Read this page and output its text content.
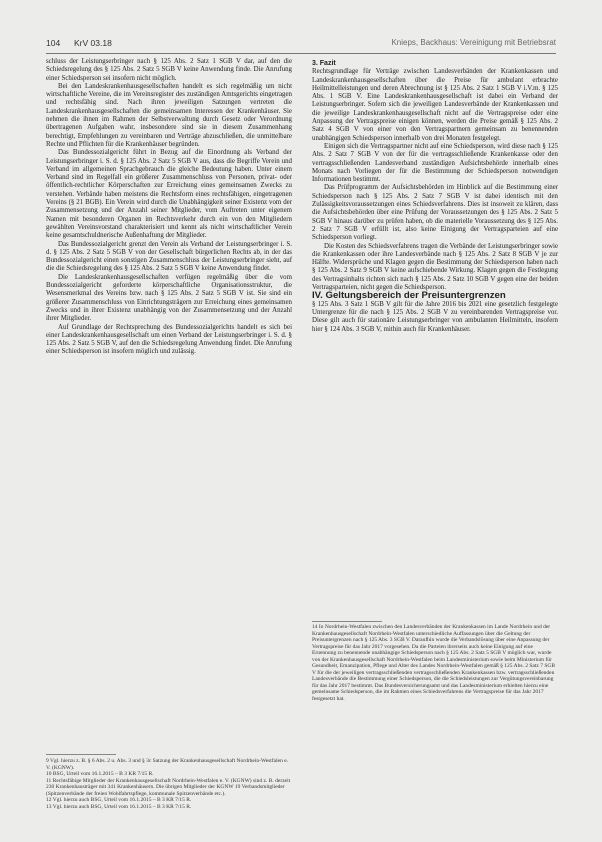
104 KrV 03.18	Knieps, Backhaus: Vereinigung mit Betriebsrat

schluss der Leistungserbringer nach § 125 Abs. 2 Satz 1 SGB V dar, auf den die Schiedsregelung des § 125 Abs. 2 Satz 5 SGB V keine Anwendung finde. Die Anrufung einer Schiedsperson sei insofern nicht möglich.

Bei den Landeskrankenhausgesellschaften handelt es sich regelmäßig um nicht wirtschaftliche Vereine, die im Vereinsregister des zuständigen Amtsgerichts eingetragen und rechtsfähig sind. Nach ihren jeweiligen Satzungen vertreten die Landeskrankenhausgesellschaften die gemeinsamen Interessen der Krankenhäuser. Sie nehmen die ihnen im Rahmen der Selbstverwaltung durch Gesetz oder Verordnung übertragenen Aufgaben wahr, insbesondere sind sie in diesem Zusammenhang berechtigt, Empfehlungen zu vereinbaren und Verträge abzuschließen, die unmittelbare Rechte und Pflichten für die Krankenhäuser begründen.

Das Bundessozialgericht führt in Bezug auf die Einordnung als Verband der Leistungserbringer i. S. d. § 125 Abs. 2 Satz 5 SGB V aus, dass die Begriffe Verein und Verband im allgemeinen Sprachgebrauch die gleiche Bedeutung haben. Unter einem Verband sind im Regelfall ein größerer Zusammenschluss von Personen, privat- oder öffentlich-rechtlicher Körperschaften zur Erreichung eines gemeinsamen Zwecks zu verstehen. Verbände haben meistens die Rechtsform eines rechtsfähigen, eingetragenen Vereins (§ 21 BGB). Ein Verein wird durch die Unabhängigkeit seiner Existenz vom der Zusammensetzung und der Anzahl seiner Mitglieder, vom Auftreten unter eigenem Namen mit besonderen Organen im Rechtsverkehr durch ein von den Mitgliedern gewählten Vereinsvorstand charakterisiert und kennt als nicht wirtschaftlicher Verein keine gesamtschuldnerische Außenhaftung der Mitglieder.

Das Bundessozialgericht grenzt den Verein als Verband der Leistungserbringer i. S. d. § 125 Abs. 2 Satz 5 SGB V von der Gesellschaft bürgerlichen Rechts ab, in der das Bundessozialgericht einen sonstigen Zusammenschluss der Leistungserbringer sieht, auf die die Schiedsregelung des § 125 Abs. 2 Satz 5 SGB V keine Anwendung findet.

Die Landeskrankenhausgesellschaften verfügen regelmäßig über die vom Bundessozialgericht geforderte körperschaftliche Organisationsstruktur, die Wesensmerkmal des Vereins bzw. nach § 125 Abs. 2 Satz 5 SGB V ist. Sie sind ein größerer Zusammenschluss von Einrichtungsträgern zur Erreichung eines gemeinsamen Zwecks und in ihrer Existenz unabhängig von der Zusammensetzung und der Anzahl ihrer Mitglieder.

Auf Grundlage der Rechtsprechung des Bundessozialgerichts handelt es sich bei einer Landeskrankenhausgesellschaft um einen Verband der Leistungserbringer i. S. d. § 125 Abs. 2 Satz 5 SGB V, auf den die Schiedsregelung Anwendung findet. Die Anrufung einer Schiedsperson ist insofern möglich und zulässig.

9 Vgl. hierzu z. B. § 6 Abs. 2 u. Abs. 3 und § 3c Satzung der Krankenhausgesellschaft Nordrhein-Westfalen e. V. (KGNW).

10 BSG, Urteil vom 16.1.2015 – B 3 KR 7/15 R.

11 Rechtsfähige Mitglieder der Krankenhausgesellschaft Nordrhein-Westfalen e. V. (KGNW) sind z. B. derzeit 230 Krankenhausträger mit 341 Krankenhäusern. Die übrigen Mitglieder der KGNW 19 Verbandsmitglieder (Spitzenverbände der freien Wohlfahrtspflege, kommunale Spitzenverbände etc.).

12 Vgl. hierzu auch BSG, Urteil vom 16.1.2015 – B 3 KR 7/15 R.

13 Vgl. hierzu auch BSG, Urteil vom 16.1.2015 – B 3 KR 7/15 R.

3. Fazit

Rechtsgrundlage für Verträge zwischen Landesverbänden der Krankenkassen und Landeskrankenhausgesellschaften über die Preise für ambulant erbrachte Heilmittelleistungen und deren Abrechnung ist § 125 Abs. 2 Satz 1 SGB V i.V.m. § 125 Abs. 1 SGB V. Eine Landeskrankenhausgesellschaft ist dabei ein Verband der Leistungserbringer. Sofern sich die jeweiligen Landesverbände der Krankenkassen und die jeweilige Landeskrankenhausgesellschaft nicht auf die Vertragspreise oder eine Anpassung der Vertragspreise einigen können, werden die Preise gemäß § 125 Abs. 2 Satz 4 SGB V von einer von den Vertragspartnern gemeinsam zu benennenden unabhängigen Schiedsperson innerhalb von drei Monaten festgelegt.

Einigen sich die Vertragspartner nicht auf eine Schiedsperson, wird diese nach § 125 Abs. 2 Satz 7 SGB V von der für die vertragsschließende Krankenkasse oder den vertragsschließenden Landesverband zuständigen Aufsichtsbehörde innerhalb eines Monats nach Vorliegen der für die Bestimmung der Schiedsperson notwendigen Informationen bestimmt.

Das Prüfprogramm der Aufsichtsbehörden im Hinblick auf die Bestimmung einer Schiedsperson nach § 125 Abs. 2 Satz 7 SGB V ist dabei identisch mit den Zulässigkeitsvoraussetzungen eines Schiedsverfahrens. Dies ist insoweit zu klären, dass die Aufsichtsbehörden über eine Prüfung der Voraussetzungen des § 125 Abs. 2 Satz 5 SGB V hinaus darüber zu prüfen haben, ob die materielle Voraussetzung des § 125 Abs. 2 Satz 7 SGB V erfüllt ist, also keine Einigung der Vertragsparteien auf eine Schiedsperson vorliegt.

Die Kosten des Schiedsverfahrens tragen die Verbände der Leistungserbringer sowie die Krankenkassen oder ihre Landesverbände nach § 125 Abs. 2 Satz 8 SGB V je zur Hälfte. Widersprüche und Klagen gegen die Bestimmung der Schiedsperson haben nach § 125 Abs. 2 Satz 9 SGB V keine aufschiebende Wirkung. Klagen gegen die Festlegung des Vertragsinhalts richten sich nach § 125 Abs. 2 Satz 10 SGB V gegen eine der beiden Vertragsparteien, nicht gegen die Schiedsperson.

IV. Geltungsbereich der Preisuntergrenzen

§ 125 Abs. 3 Satz 1 SGB V gilt für die Jahre 2016 bis 2021 eine gesetzlich festgelegte Untergrenze für die nach § 125 Abs. 2 SGB V zu vereinbarenden Vertragspreise vor. Diese gilt auch für stationäre Leistungserbringer von ambulanten Heilmitteln, insofern hier § 124 Abs. 3 SGB V, mithin auch für Krankenhäuser.

14 In Nordrhein-Westfalen zwischen den Landesverbänden der Krankenkassen im Lande Nordrhein und der Krankenhausgesellschaft Nordrhein-Westfalen unterschiedliche Auffassungen über die Geltung der Preisuntergrenzen nach § 125 Abs. 3 SGB V. Daraufhin wurde die Verbandslösung über eine Anpassung der Vertragspreise für das Jahr 2017 vorgesehen. Da die Parteien ihrerseits auch keine Einigung auf eine Ernennung zu benennende unabhängige Schiedsperson nach § 125 Abs. 2 Satz 5 SGB V möglich war, wurde von der Krankenhausgesellschaft Nordrhein-Westfalen beim Landesministerium sowie beim Ministerium für Gesundheit, Emanzipation, Pflege und Alter des Landes Nordrhein-Westfalen gemäß § 125 Abs. 2 Satz 7 SGB V für die der jeweiligen vertragsschließenden vertragsschließenden Krankenkassen bzw. vertragsschließenden Landesverbände die Bestimmung einer Schiedsperson, die die Schiedsleistungen zur Vergütungsvereinbarung für das Jahr 2017 bestimmt. Das Bundesversicherungsamt und das Landesministerium erhielten hierzu eine gemeinsame Schiedsperson, die im Rahmen eines Schiedsverfahrens die Vertragspreise für das Jahr 2017 festgesetzt hat.
